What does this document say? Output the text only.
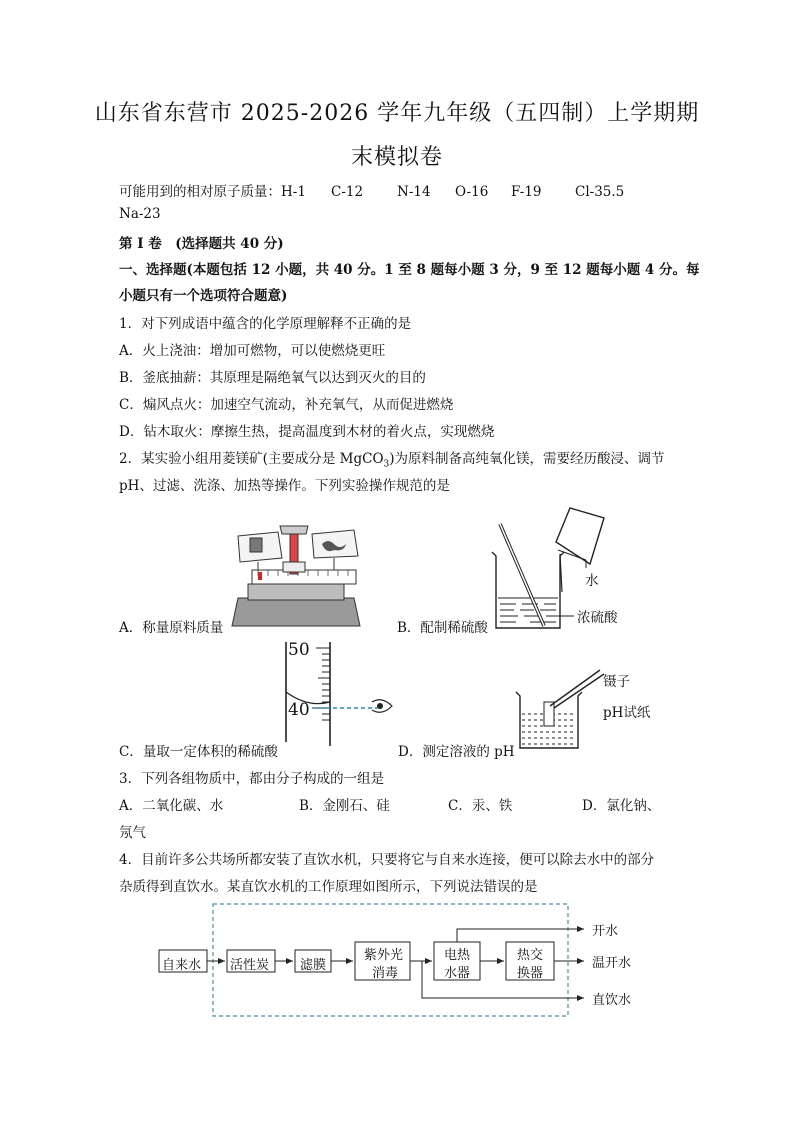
山东省东营市 2025-2026 学年九年级（五四制）上学期期
末模拟卷
可能用到的相对原子质量：H-1 C-12	N-14 O-16 F-19 Cl-35.5
Na-23
第 I 卷　(选择题共 40 分)
一、选择题(本题包括 12 小题，共 40 分。1 至 8 题每小题 3 分，9 至 12 题每小题 4 分。每
小题只有一个选项符合题意)
1．对下列成语中蕴含的化学原理解释不正确的是
A．火上浇油：增加可燃物，可以使燃烧更旺
B．釜底抽薪：其原理是隔绝氧气以达到灭火的目的
C．煽风点火：加速空气流动，补充氧气，从而促进燃烧
D．钻木取火：摩擦生热，提高温度到木材的着火点，实现燃烧
2．某实验小组用菱镁矿(主要成分是 MgCO$_3$)为原料制备高纯氧化镁，需要经历酸浸、调节
pH、过滤、洗涤、加热等操作。下列实验操作规范的是
A．称量原料质量
水
浓硫酸
B．配制稀硫酸
50
40
C．量取一定体积的稀硫酸
镊子
pH试纸
D．测定溶液的 pH
3．下列各组物质中，都由分子构成的一组是
A．二氧化碳、水	B．金刚石、硅	C．汞、铁	D．氯化钠、
氖气
4．目前许多公共场所都安装了直饮水机，只要将它与自来水连接，便可以除去水中的部分
杂质得到直饮水。某直饮水机的工作原理如图所示，下列说法错误的是
自来水 活性炭 滤膜
紫外光
消毒
电热
水器
热交
换器
开水
温开水
直饮水
